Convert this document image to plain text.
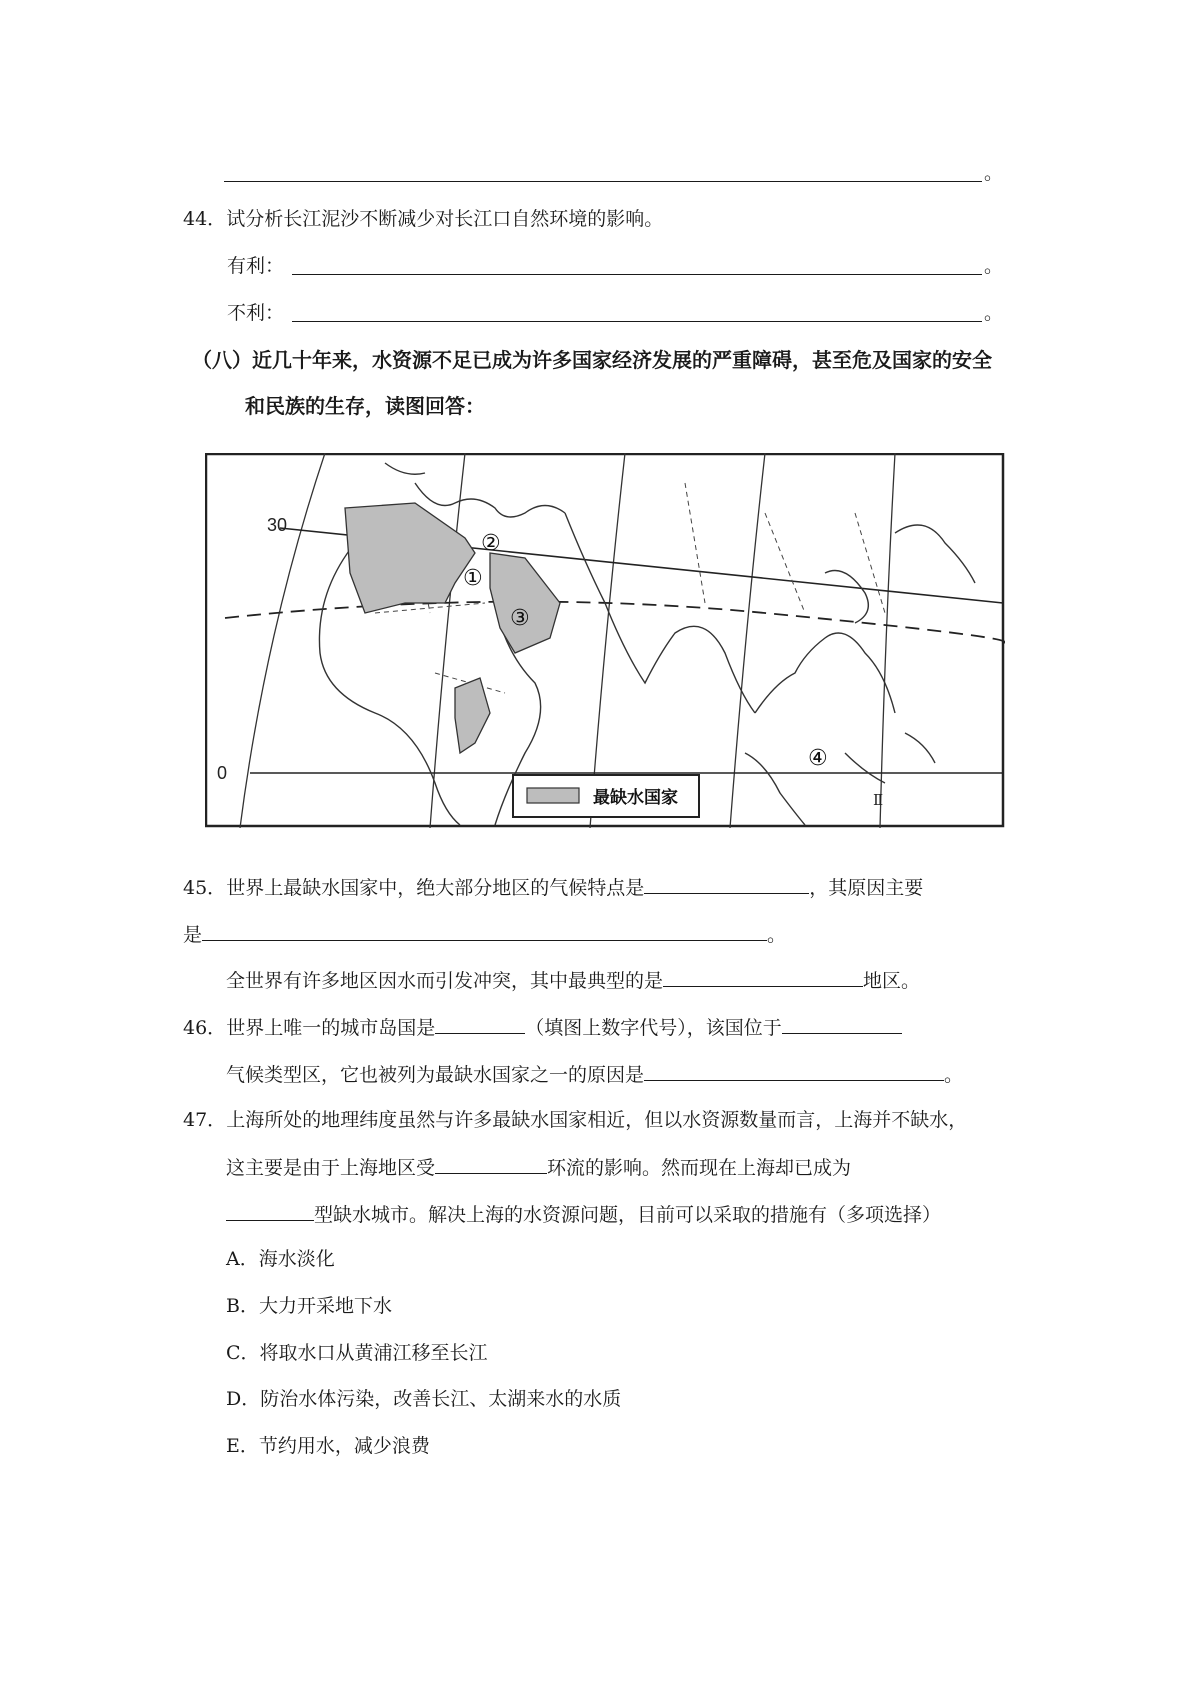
。
44．试分析长江泥沙不断减少对长江口自然环境的影响。
有利：	。
不利：	。
（八）近几十年来，水资源不足已成为许多国家经济发展的严重障碍，甚至危及国家的安全
和民族的生存，读图回答：
30
0
①
②
③
④
最缺水国家	Ⅱ
45．世界上最缺水国家中，绝大部分地区的气候特点是	，其原因主要
是	。
全世界有许多地区因水而引发冲突，其中最典型的是	地区。
46．世界上唯一的城市岛国是	（填图上数字代号），该国位于
气候类型区，它也被列为最缺水国家之一的原因是	。
47．上海所处的地理纬度虽然与许多最缺水国家相近，但以水资源数量而言，上海并不缺水，
这主要是由于上海地区受	环流的影响。然而现在上海却已成为
型缺水城市。解决上海的水资源问题，目前可以采取的措施有（多项选择）
A．海水淡化
B．大力开采地下水
C．将取水口从黄浦江移至长江
D．防治水体污染，改善长江、太湖来水的水质
E．节约用水，减少浪费
